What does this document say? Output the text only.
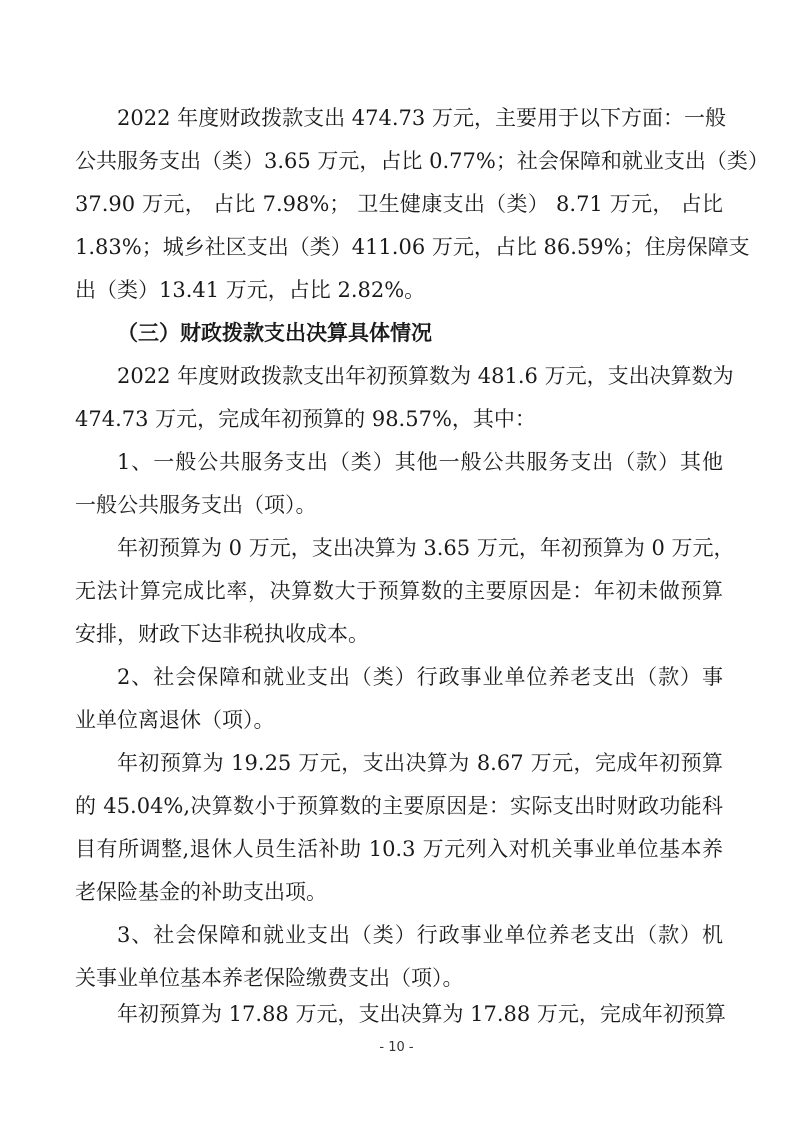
2022 年度财政拨款支出 474.73 万元，主要用于以下方面：一般
公共服务支出（类）3.65 万元，占比 0.77%；社会保障和就业支出（类）
37.90 万元， 占比 7.98%； 卫生健康支出（类） 8.71 万元， 占比
1.83%；城乡社区支出（类）411.06 万元，占比 86.59%；住房保障支
出（类）13.41 万元，占比 2.82%。
（三）财政拨款支出决算具体情况
2022 年度财政拨款支出年初预算数为 481.6 万元，支出决算数为
474.73 万元，完成年初预算的 98.57%，其中：
1、一般公共服务支出（类）其他一般公共服务支出（款）其他
一般公共服务支出（项）。
年初预算为 0 万元，支出决算为 3.65 万元，年初预算为 0 万元，
无法计算完成比率，决算数大于预算数的主要原因是：年初未做预算
安排，财政下达非税执收成本。
2、社会保障和就业支出（类）行政事业单位养老支出（款）事
业单位离退休（项）。
年初预算为 19.25 万元，支出决算为 8.67 万元，完成年初预算
的 45.04%,决算数小于预算数的主要原因是：实际支出时财政功能科
目有所调整,退休人员生活补助 10.3 万元列入对机关事业单位基本养
老保险基金的补助支出项。
3、社会保障和就业支出（类）行政事业单位养老支出（款）机
关事业单位基本养老保险缴费支出（项）。
年初预算为 17.88 万元，支出决算为 17.88 万元，完成年初预算
- 10 -
